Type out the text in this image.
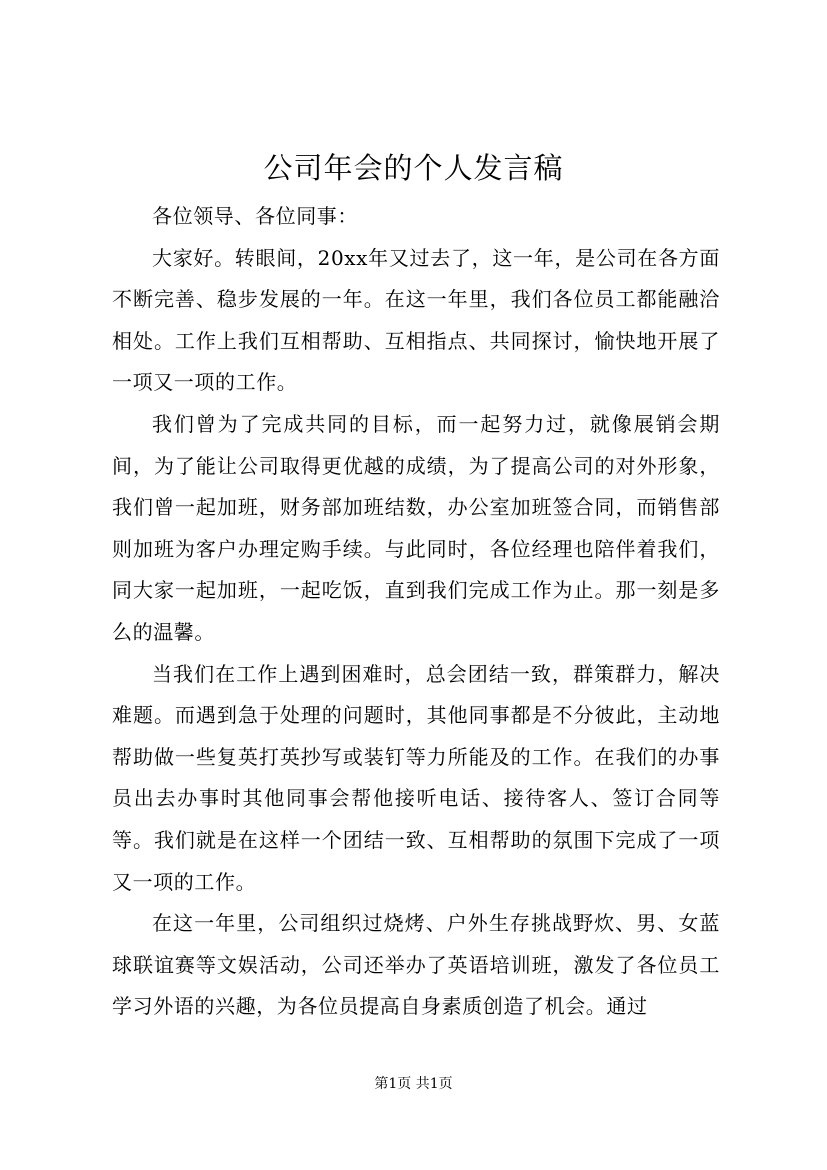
公司年会的个人发言稿

各位领导、各位同事：

大家好。转眼间，20xx年又过去了，这一年，是公司在各方面不断完善、稳步发展的一年。在这一年里，我们各位员工都能融洽相处。工作上我们互相帮助、互相指点、共同探讨，愉快地开展了一项又一项的工作。

我们曾为了完成共同的目标，而一起努力过，就像展销会期间，为了能让公司取得更优越的成绩，为了提高公司的对外形象，我们曾一起加班，财务部加班结数，办公室加班签合同，而销售部则加班为客户办理定购手续。与此同时，各位经理也陪伴着我们，同大家一起加班，一起吃饭，直到我们完成工作为止。那一刻是多么的温馨。

当我们在工作上遇到困难时，总会团结一致，群策群力，解决难题。而遇到急于处理的问题时，其他同事都是不分彼此，主动地帮助做一些复英打英抄写或装钉等力所能及的工作。在我们的办事员出去办事时其他同事会帮他接听电话、接待客人、签订合同等等。我们就是在这样一个团结一致、互相帮助的氛围下完成了一项又一项的工作。

在这一年里，公司组织过烧烤、户外生存挑战野炊、男、女蓝球联谊赛等文娱活动，公司还举办了英语培训班，激发了各位员工学习外语的兴趣，为各位员提高自身素质创造了机会。通过

第1页 共1页
